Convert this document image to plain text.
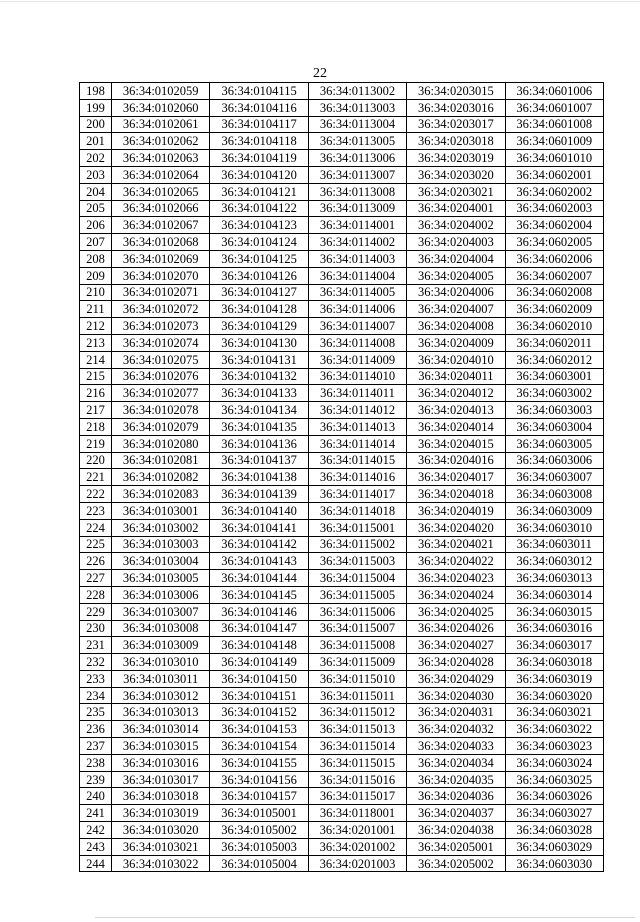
22
198	36:34:0102059	36:34:0104115	36:34:0113002	36:34:0203015	36:34:0601006
199	36:34:0102060	36:34:0104116	36:34:0113003	36:34:0203016	36:34:0601007
200	36:34:0102061	36:34:0104117	36:34:0113004	36:34:0203017	36:34:0601008
201	36:34:0102062	36:34:0104118	36:34:0113005	36:34:0203018	36:34:0601009
202	36:34:0102063	36:34:0104119	36:34:0113006	36:34:0203019	36:34:0601010
203	36:34:0102064	36:34:0104120	36:34:0113007	36:34:0203020	36:34:0602001
204	36:34:0102065	36:34:0104121	36:34:0113008	36:34:0203021	36:34:0602002
205	36:34:0102066	36:34:0104122	36:34:0113009	36:34:0204001	36:34:0602003
206	36:34:0102067	36:34:0104123	36:34:0114001	36:34:0204002	36:34:0602004
207	36:34:0102068	36:34:0104124	36:34:0114002	36:34:0204003	36:34:0602005
208	36:34:0102069	36:34:0104125	36:34:0114003	36:34:0204004	36:34:0602006
209	36:34:0102070	36:34:0104126	36:34:0114004	36:34:0204005	36:34:0602007
210	36:34:0102071	36:34:0104127	36:34:0114005	36:34:0204006	36:34:0602008
211	36:34:0102072	36:34:0104128	36:34:0114006	36:34:0204007	36:34:0602009
212	36:34:0102073	36:34:0104129	36:34:0114007	36:34:0204008	36:34:0602010
213	36:34:0102074	36:34:0104130	36:34:0114008	36:34:0204009	36:34:0602011
214	36:34:0102075	36:34:0104131	36:34:0114009	36:34:0204010	36:34:0602012
215	36:34:0102076	36:34:0104132	36:34:0114010	36:34:0204011	36:34:0603001
216	36:34:0102077	36:34:0104133	36:34:0114011	36:34:0204012	36:34:0603002
217	36:34:0102078	36:34:0104134	36:34:0114012	36:34:0204013	36:34:0603003
218	36:34:0102079	36:34:0104135	36:34:0114013	36:34:0204014	36:34:0603004
219	36:34:0102080	36:34:0104136	36:34:0114014	36:34:0204015	36:34:0603005
220	36:34:0102081	36:34:0104137	36:34:0114015	36:34:0204016	36:34:0603006
221	36:34:0102082	36:34:0104138	36:34:0114016	36:34:0204017	36:34:0603007
222	36:34:0102083	36:34:0104139	36:34:0114017	36:34:0204018	36:34:0603008
223	36:34:0103001	36:34:0104140	36:34:0114018	36:34:0204019	36:34:0603009
224	36:34:0103002	36:34:0104141	36:34:0115001	36:34:0204020	36:34:0603010
225	36:34:0103003	36:34:0104142	36:34:0115002	36:34:0204021	36:34:0603011
226	36:34:0103004	36:34:0104143	36:34:0115003	36:34:0204022	36:34:0603012
227	36:34:0103005	36:34:0104144	36:34:0115004	36:34:0204023	36:34:0603013
228	36:34:0103006	36:34:0104145	36:34:0115005	36:34:0204024	36:34:0603014
229	36:34:0103007	36:34:0104146	36:34:0115006	36:34:0204025	36:34:0603015
230	36:34:0103008	36:34:0104147	36:34:0115007	36:34:0204026	36:34:0603016
231	36:34:0103009	36:34:0104148	36:34:0115008	36:34:0204027	36:34:0603017
232	36:34:0103010	36:34:0104149	36:34:0115009	36:34:0204028	36:34:0603018
233	36:34:0103011	36:34:0104150	36:34:0115010	36:34:0204029	36:34:0603019
234	36:34:0103012	36:34:0104151	36:34:0115011	36:34:0204030	36:34:0603020
235	36:34:0103013	36:34:0104152	36:34:0115012	36:34:0204031	36:34:0603021
236	36:34:0103014	36:34:0104153	36:34:0115013	36:34:0204032	36:34:0603022
237	36:34:0103015	36:34:0104154	36:34:0115014	36:34:0204033	36:34:0603023
238	36:34:0103016	36:34:0104155	36:34:0115015	36:34:0204034	36:34:0603024
239	36:34:0103017	36:34:0104156	36:34:0115016	36:34:0204035	36:34:0603025
240	36:34:0103018	36:34:0104157	36:34:0115017	36:34:0204036	36:34:0603026
241	36:34:0103019	36:34:0105001	36:34:0118001	36:34:0204037	36:34:0603027
242	36:34:0103020	36:34:0105002	36:34:0201001	36:34:0204038	36:34:0603028
243	36:34:0103021	36:34:0105003	36:34:0201002	36:34:0205001	36:34:0603029
244	36:34:0103022	36:34:0105004	36:34:0201003	36:34:0205002	36:34:0603030
